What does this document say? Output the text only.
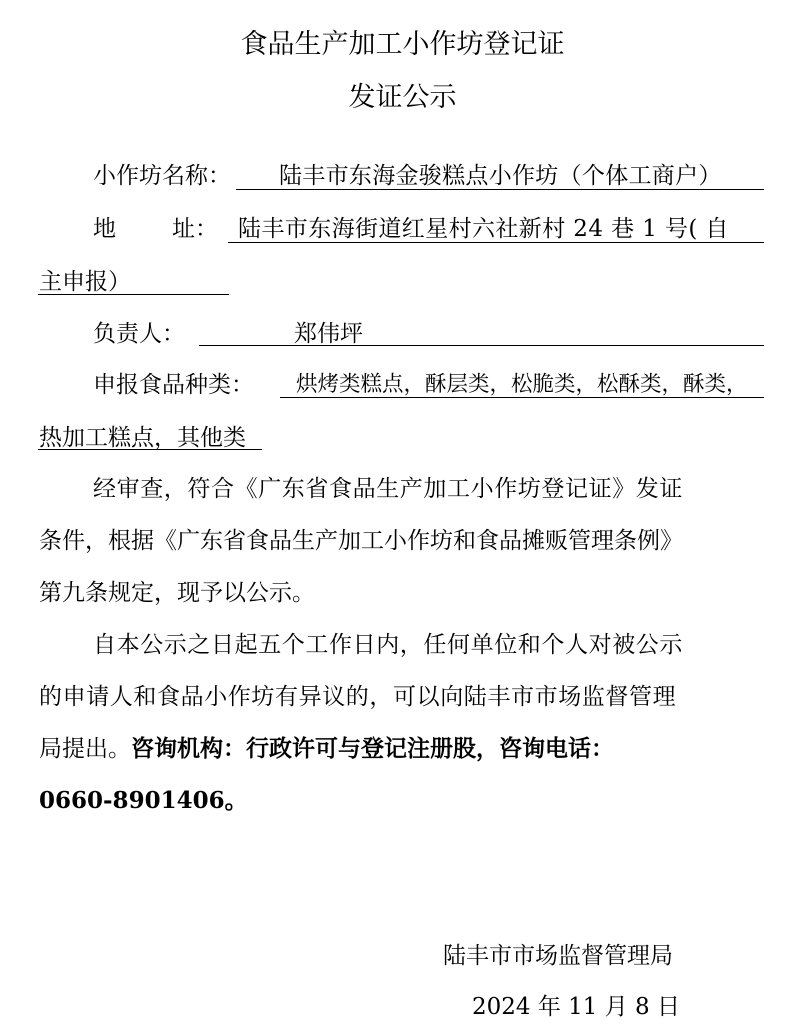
食品生产加工小作坊登记证
发证公示
小作坊名称： 陆丰市东海金骏糕点小作坊（个体工商户）
地 址： 陆丰市东海街道红星村六社新村 24 巷 1 号( 自
主申报）
负责人：	郑伟坪
申报食品种类： 烘烤类糕点，酥层类，松脆类，松酥类，酥类，
热加工糕点，其他类
经审查，符合《广东省食品生产加工小作坊登记证》发证
条件，根据《广东省食品生产加工小作坊和食品摊贩管理条例》
第九条规定，现予以公示。
自本公示之日起五个工作日内，任何单位和个人对被公示
的申请人和食品小作坊有异议的，可以向陆丰市市场监督管理
局提出。咨询机构：行政许可与登记注册股，咨询电话：
0660-8901406。
陆丰市市场监督管理局
2024 年 11 月 8 日
